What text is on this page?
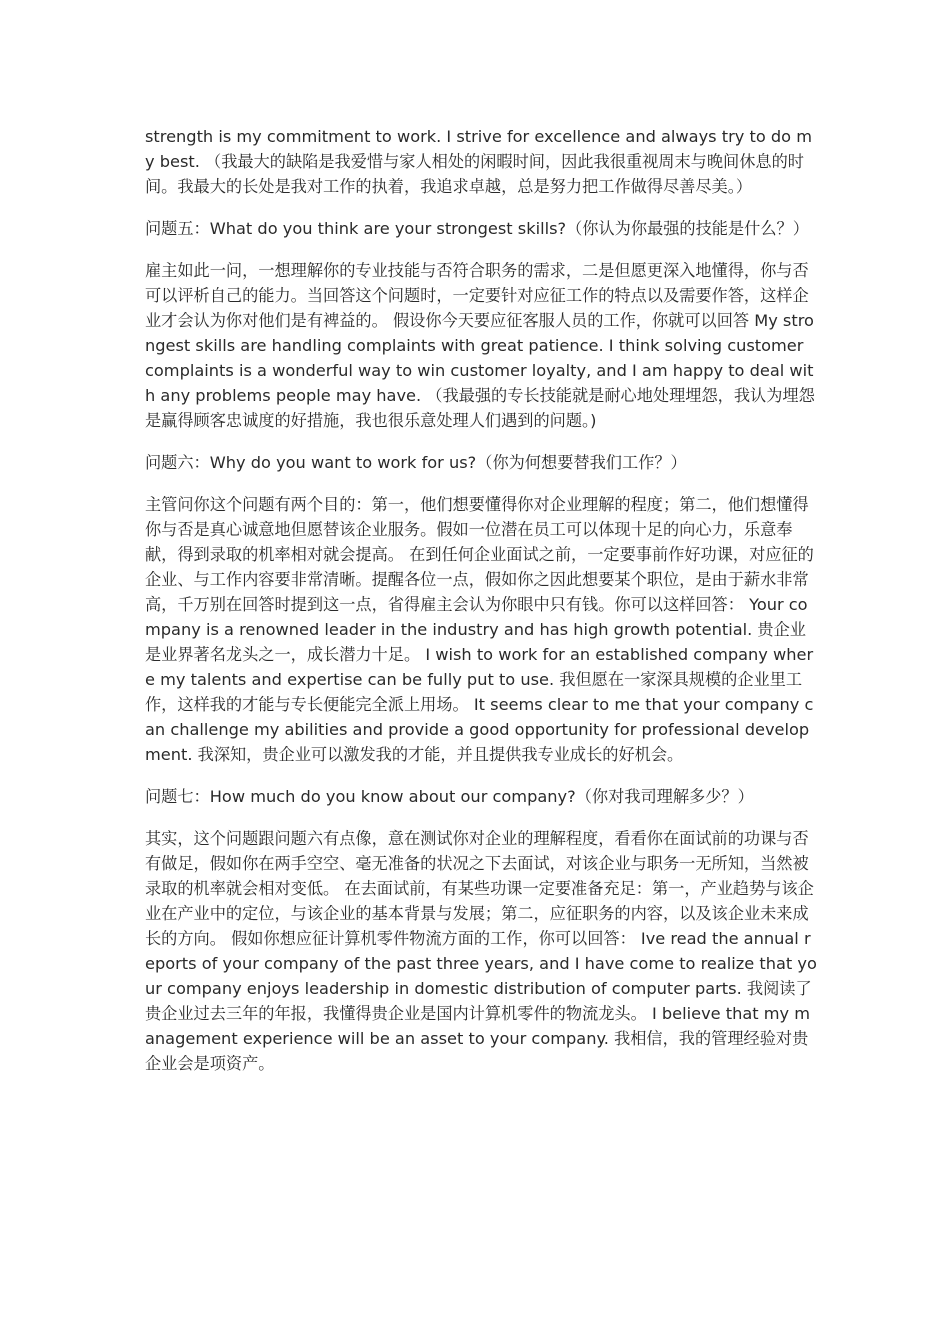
strength is my commitment to work. I strive for excellence and always try to do my best. （我最大的缺陷是我爱惜与家人相处的闲暇时间，因此我很重视周末与晚间休息的时间。我最大的长处是我对工作的执着，我追求卓越，总是努力把工作做得尽善尽美。）

问题五：What do you think are your strongest skills?（你认为你最强的技能是什么？）

雇主如此一问，一想理解你的专业技能与否符合职务的需求，二是但愿更深入地懂得，你与否可以评析自己的能力。当回答这个问题时，一定要针对应征工作的特点以及需要作答，这样企业才会认为你对他们是有裨益的。 假设你今天要应征客服人员的工作，你就可以回答 My strongest skills are handling complaints with great patience. I think solving customer complaints is a wonderful way to win customer loyalty, and I am happy to deal with any problems people may have. （我最强的专长技能就是耐心地处理埋怨，我认为埋怨是赢得顾客忠诚度的好措施，我也很乐意处理人们遇到的问题。)

问题六：Why do you want to work for us?（你为何想要替我们工作？）

主管问你这个问题有两个目的：第一，他们想要懂得你对企业理解的程度；第二，他们想懂得你与否是真心诚意地但愿替该企业服务。假如一位潜在员工可以体现十足的向心力，乐意奉献，得到录取的机率相对就会提高。 在到任何企业面试之前，一定要事前作好功课，对应征的企业、与工作内容要非常清晰。提醒各位一点，假如你之因此想要某个职位，是由于薪水非常高，千万别在回答时提到这一点，省得雇主会认为你眼中只有钱。你可以这样回答： Your company is a renowned leader in the industry and has high growth potential. 贵企业是业界著名龙头之一，成长潜力十足。 I wish to work for an established company where my talents and expertise can be fully put to use. 我但愿在一家深具规模的企业里工作，这样我的才能与专长便能完全派上用场。 It seems clear to me that your company can challenge my abilities and provide a good opportunity for professional development. 我深知，贵企业可以激发我的才能，并且提供我专业成长的好机会。

问题七：How much do you know about our company?（你对我司理解多少？）

其实，这个问题跟问题六有点像，意在测试你对企业的理解程度，看看你在面试前的功课与否有做足，假如你在两手空空、毫无准备的状况之下去面试，对该企业与职务一无所知，当然被录取的机率就会相对变低。 在去面试前，有某些功课一定要准备充足：第一，产业趋势与该企业在产业中的定位，与该企业的基本背景与发展；第二，应征职务的内容，以及该企业未来成长的方向。 假如你想应征计算机零件物流方面的工作，你可以回答： Ive read the annual reports of your company of the past three years, and I have come to realize that your company enjoys leadership in domestic distribution of computer parts. 我阅读了贵企业过去三年的年报，我懂得贵企业是国内计算机零件的物流龙头。 I believe that my management experience will be an asset to your company. 我相信，我的管理经验对贵企业会是项资产。
